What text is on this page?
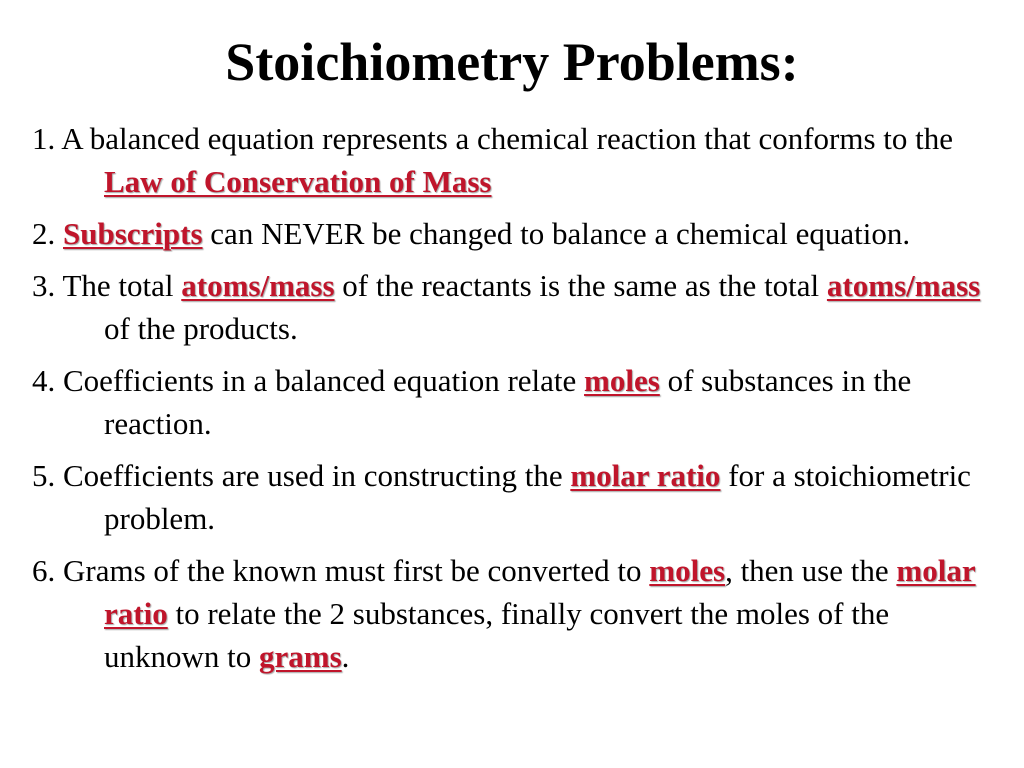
Stoichiometry Problems:
1. A balanced equation represents a chemical reaction that conforms to the Law of Conservation of Mass
2. Subscripts can NEVER be changed to balance a chemical equation.
3. The total atoms/mass of the reactants is the same as the total atoms/mass of the products.
4. Coefficients in a balanced equation relate moles of substances in the reaction.
5. Coefficients are used in constructing the molar ratio for a stoichiometric problem.
6. Grams of the known must first be converted to moles, then use the molar ratio to relate the 2 substances, finally convert the moles of the unknown to grams.
